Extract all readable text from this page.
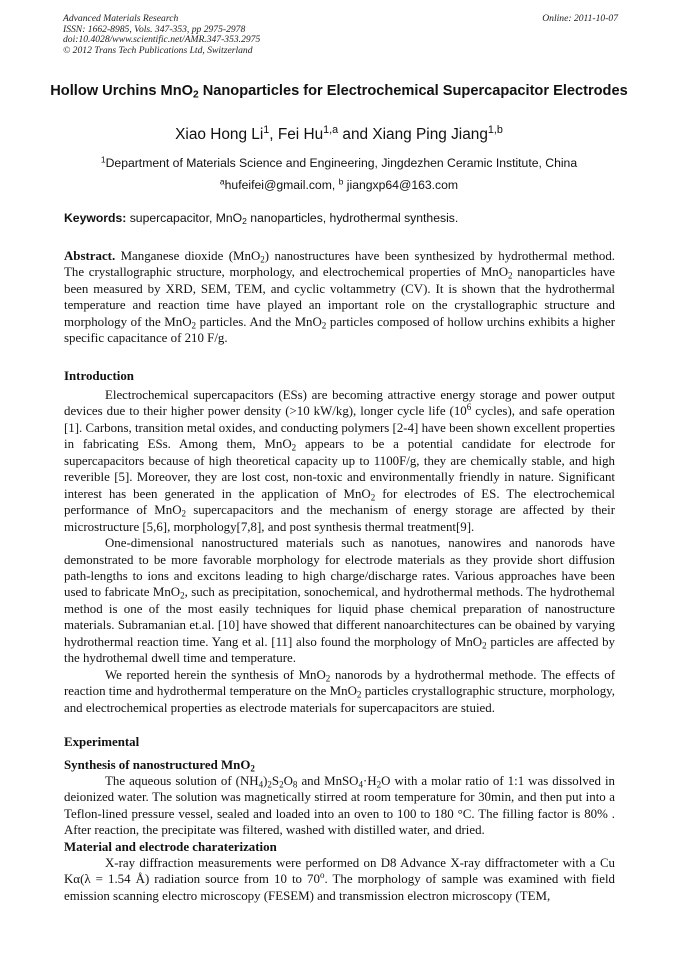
Advanced Materials Research
ISSN: 1662-8985, Vols. 347-353, pp 2975-2978
doi:10.4028/www.scientific.net/AMR.347-353.2975
© 2012 Trans Tech Publications Ltd, Switzerland
Online: 2011-10-07
Hollow Urchins MnO$_2$ Nanoparticles for Electrochemical Supercapacitor Electrodes
Xiao Hong Li$^1$, Fei Hu$^{1,a}$ and Xiang Ping Jiang$^{1,b}$
$^1$Department of Materials Science and Engineering, Jingdezhen Ceramic Institute, China
$^a$hufeifei@gmail.com, $^b$ jiangxp64@163.com
Keywords: supercapacitor, MnO$_2$ nanoparticles, hydrothermal synthesis.

Abstract. Manganese dioxide (MnO$_2$) nanostructures have been synthesized by hydrothermal method. The crystallographic structure, morphology, and electrochemical properties of MnO$_2$ nanoparticles have been measured by XRD, SEM, TEM, and cyclic voltammetry (CV). It is shown that the hydrothermal temperature and reaction time have played an important role on the crystallographic structure and morphology of the MnO$_2$ particles. And the MnO$_2$ particles composed of hollow urchins exhibits a higher specific capacitance of 210 F/g.

Introduction

Electrochemical supercapacitors (ESs) are becoming attractive energy storage and power output devices due to their higher power density (>10 kW/kg), longer cycle life ($10^6$ cycles), and safe operation [1]. Carbons, transition metal oxides, and conducting polymers [2-4] have been shown excellent properties in fabricating ESs. Among them, MnO$_2$ appears to be a potential candidate for electrode for supercapacitors because of high theoretical capacity up to 1100F/g, they are chemically stable, and high reverible [5]. Moreover, they are lost cost, non-toxic and environmentally friendly in nature. Significant interest has been generated in the application of MnO$_2$ for electrodes of ES. The electrochemical performance of MnO$_2$ supercapacitors and the mechanism of energy storage are affected by their microstructure [5,6], morphology[7,8], and post synthesis thermal treatment[9].

One-dimensional nanostructured materials such as nanotues, nanowires and nanorods have demonstrated to be more favorable morphology for electrode materials as they provide short diffusion path-lengths to ions and excitons leading to high charge/discharge rates. Various approaches have been used to fabricate MnO$_2$, such as precipitation, sonochemical, and hydrothermal methods. The hydrothemal method is one of the most easily techniques for liquid phase chemical preparation of nanostructure materials. Subramanian et.al. [10] have showed that different nanoarchitectures can be obained by varying hydrothermal reaction time. Yang et al. [11] also found the morphology of MnO$_2$ particles are affected by the hydrothemal dwell time and temperature.

We reported herein the synthesis of MnO$_2$ nanorods by a hydrothermal methode. The effects of reaction time and hydrothermal temperature on the MnO$_2$ particles crystallographic structure, morphology, and electrochemical properties as electrode materials for supercapacitors are stuied.

Experimental
Synthesis of nanostructured MnO$_2$

The aqueous solution of $(NH_4)_2S_2O_8$ and $MnSO_4\cdot H_2O$ with a molar ratio of 1:1 was dissolved in deionized water. The solution was magnetically stirred at room temperature for 30min, and then put into a Teflon-lined pressure vessel, sealed and loaded into an oven to 100 to 180 °C. The filling factor is 80% . After reaction, the precipitate was filtered, washed with distilled water, and dried.

Material and electrode charaterization

X-ray diffraction measurements were performed on D8 Advance X-ray diffractometer with a Cu Kα(λ = 1.54 Å) radiation source from 10 to 70$^o$. The morphology of sample was examined with field emission scanning electro microscopy (FESEM) and transmission electron microscopy (TEM,
